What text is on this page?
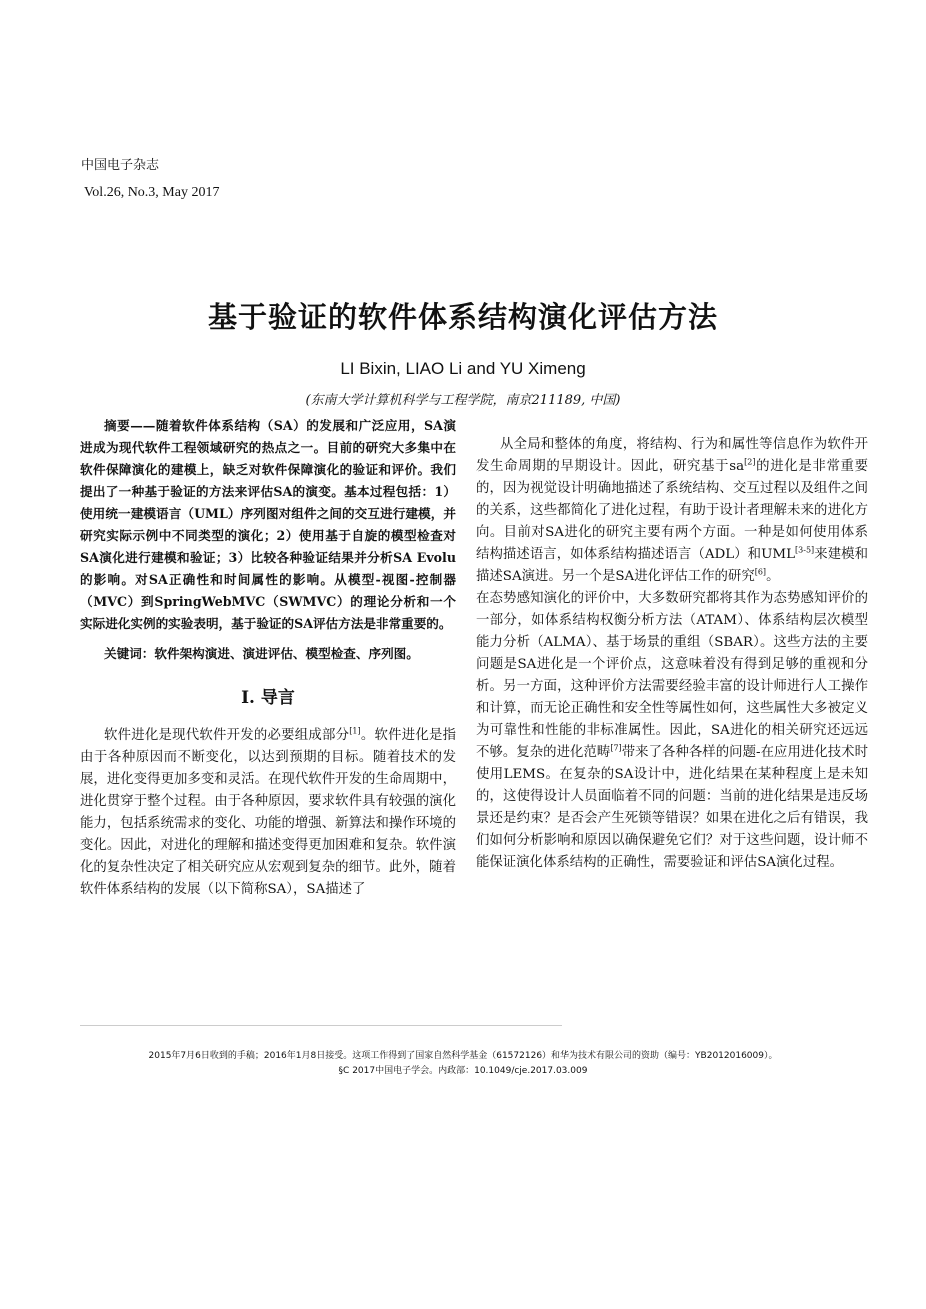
中国电子杂志
Vol.26, No.3, May 2017
基于验证的软件体系结构演化评估方法
LI Bixin, LIAO Li and YU Ximeng
(东南大学计算机科学与工程学院，南京211189, 中国)

摘要——随着软件体系结构（SA）的发展和广泛应用，SA演进成为现代软件工程领域研究的热点之一。目前的研究大多集中在软件保障演化的建模上，缺乏对软件保障演化的验证和评价。我们提出了一种基于验证的方法来评估SA的演变。基本过程包括：1）使用统一建模语言（UML）序列图对组件之间的交互进行建模，并研究实际示例中不同类型的演化；2）使用基于自旋的模型检查对SA演化进行建模和验证；3）比较各种验证结果并分析SA Evolu的影响。对SA正确性和时间属性的影响。从模型-视图-控制器（MVC）到SpringWebMVC（SWMVC）的理论分析和一个实际进化实例的实验表明，基于验证的SA评估方法是非常重要的。

关键词：软件架构演进、演进评估、模型检查、序列图。

I. 导言

软件进化是现代软件开发的必要组成部分[1]。软件进化是指由于各种原因而不断变化，以达到预期的目标。随着技术的发展，进化变得更加多变和灵活。在现代软件开发的生命周期中，进化贯穿于整个过程。由于各种原因，要求软件具有较强的演化能力，包括系统需求的变化、功能的增强、新算法和操作环境的变化。因此，对进化的理解和描述变得更加困难和复杂。软件演化的复杂性决定了相关研究应从宏观到复杂的细节。此外，随着软件体系结构的发展（以下简称SA），SA描述了

从全局和整体的角度，将结构、行为和属性等信息作为软件开发生命周期的早期设计。因此，研究基于sa[2]的进化是非常重要的，因为视觉设计明确地描述了系统结构、交互过程以及组件之间的关系，这些都简化了进化过程，有助于设计者理解未来的进化方向。目前对SA进化的研究主要有两个方面。一种是如何使用体系结构描述语言，如体系结构描述语言（ADL）和UML[3-5]来建模和描述SA演进。另一个是SA进化评估工作的研究[6]。

在态势感知演化的评价中，大多数研究都将其作为态势感知评价的一部分，如体系结构权衡分析方法（ATAM）、体系结构层次模型能力分析（ALMA）、基于场景的重组（SBAR）。这些方法的主要问题是SA进化是一个评价点，这意味着没有得到足够的重视和分析。另一方面，这种评价方法需要经验丰富的设计师进行人工操作和计算，而无论正确性和安全性等属性如何，这些属性大多被定义为可靠性和性能的非标准属性。因此，SA进化的相关研究还远远不够。复杂的进化范畴[7]带来了各种各样的问题-在应用进化技术时使用LEMS。在复杂的SA设计中，进化结果在某种程度上是未知的，这使得设计人员面临着不同的问题：当前的进化结果是违反场景还是约束？是否会产生死锁等错误？如果在进化之后有错误，我们如何分析影响和原因以确保避免它们？对于这些问题，设计师不能保证演化体系结构的正确性，需要验证和评估SA演化过程。

2015年7月6日收到的手稿；2016年1月8日接受。这项工作得到了国家自然科学基金（61572126）和华为技术有限公司的资助（编号：YB2012016009）。
§C 2017中国电子学会。内政部：10.1049/cje.2017.03.009
